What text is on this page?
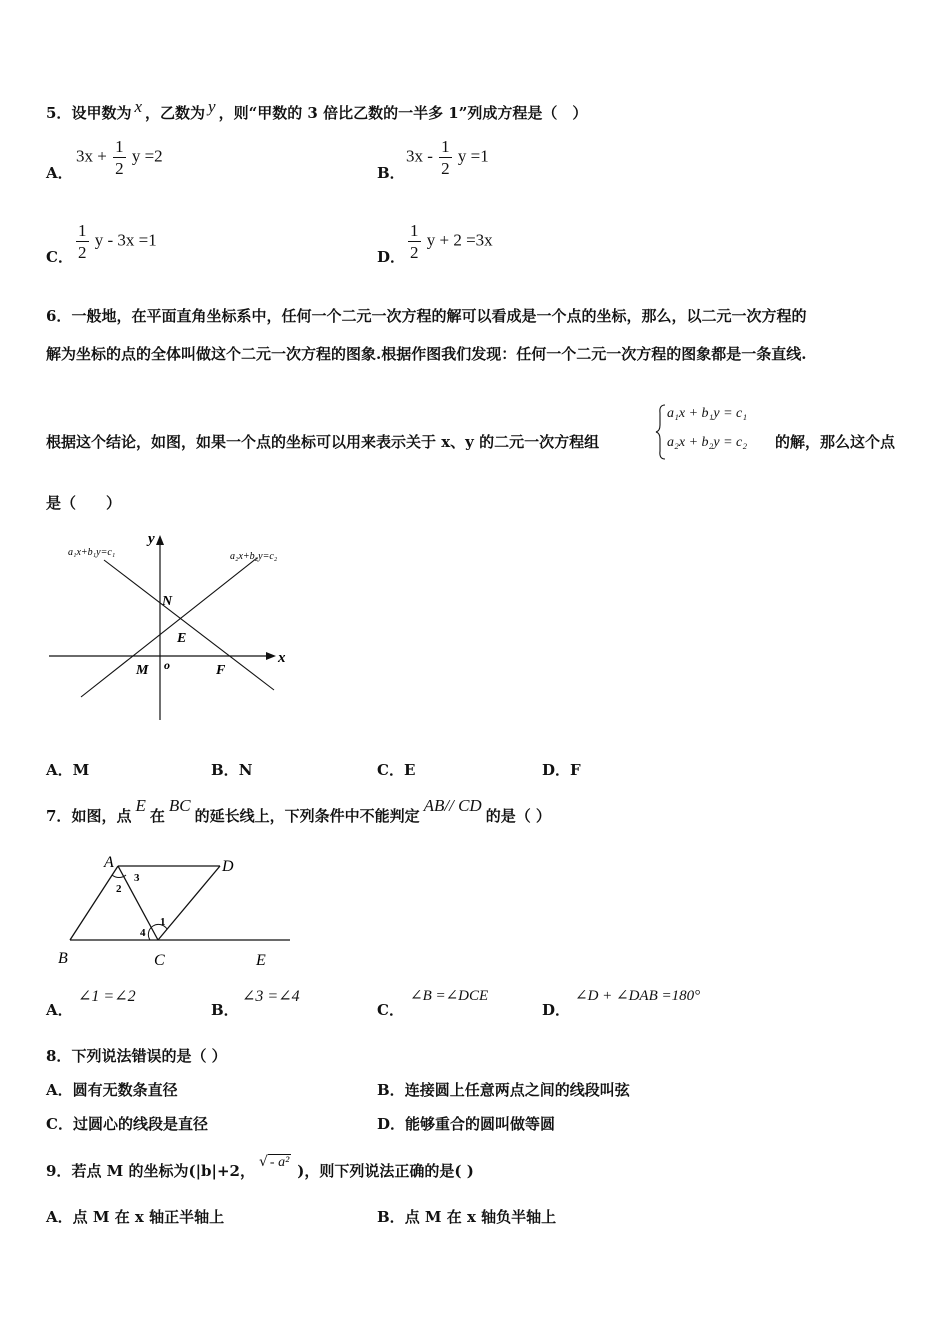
5．设甲数为 x ，乙数为 y ，则“甲数的 3 倍比乙数的一半多 1”列成方程是（　）
A．
$3x + \frac{1}{2}$ y =2
B．
$3x - \frac{1}{2}$ y =1
C． $\frac{1}{2}$ y - 3x =1
D． $\frac{1}{2}$ y + 2 =3x
6．一般地，在平面直角坐标系中，任何一个二元一次方程的解可以看成是一个点的坐标，那么，以二元一次方程的
解为坐标的点的全体叫做这个二元一次方程的图象.根据作图我们发现：任何一个二元一次方程的图象都是一条直线.
根据这个结论，如图，如果一个点的坐标可以用来表示关于 x、y 的二元一次方程组
a₁x + b₁y = c₁
a₂x + b₂y = c₂ 的解，那么这个点
是（　　）
a₁x+b₁y=c₁	a₂x+b₂y=c₂
x
y
o
N
E
M	F
A．M	B．N	C．E	D．F
7．如图，点E在BC的延长线上，下列条件中不能判定AB// CD的是（ ）
A	D
B	C	E
1
2
3
4
A．
∠1 =∠2
B．
∠3 =∠4
C．
∠B =∠DCE
D．
∠D + ∠DAB =180°
8．下列说法错误的是（ ）
A．圆有无数条直径	B．连接圆上任意两点之间的线段叫弦
C．过圆心的线段是直径	D．能够重合的圆叫做等圆
9．若点 M 的坐标为(|b|+2， √ - a² )，则下列说法正确的是( )
A．点 M 在 x 轴正半轴上	B．点 M 在 x 轴负半轴上
